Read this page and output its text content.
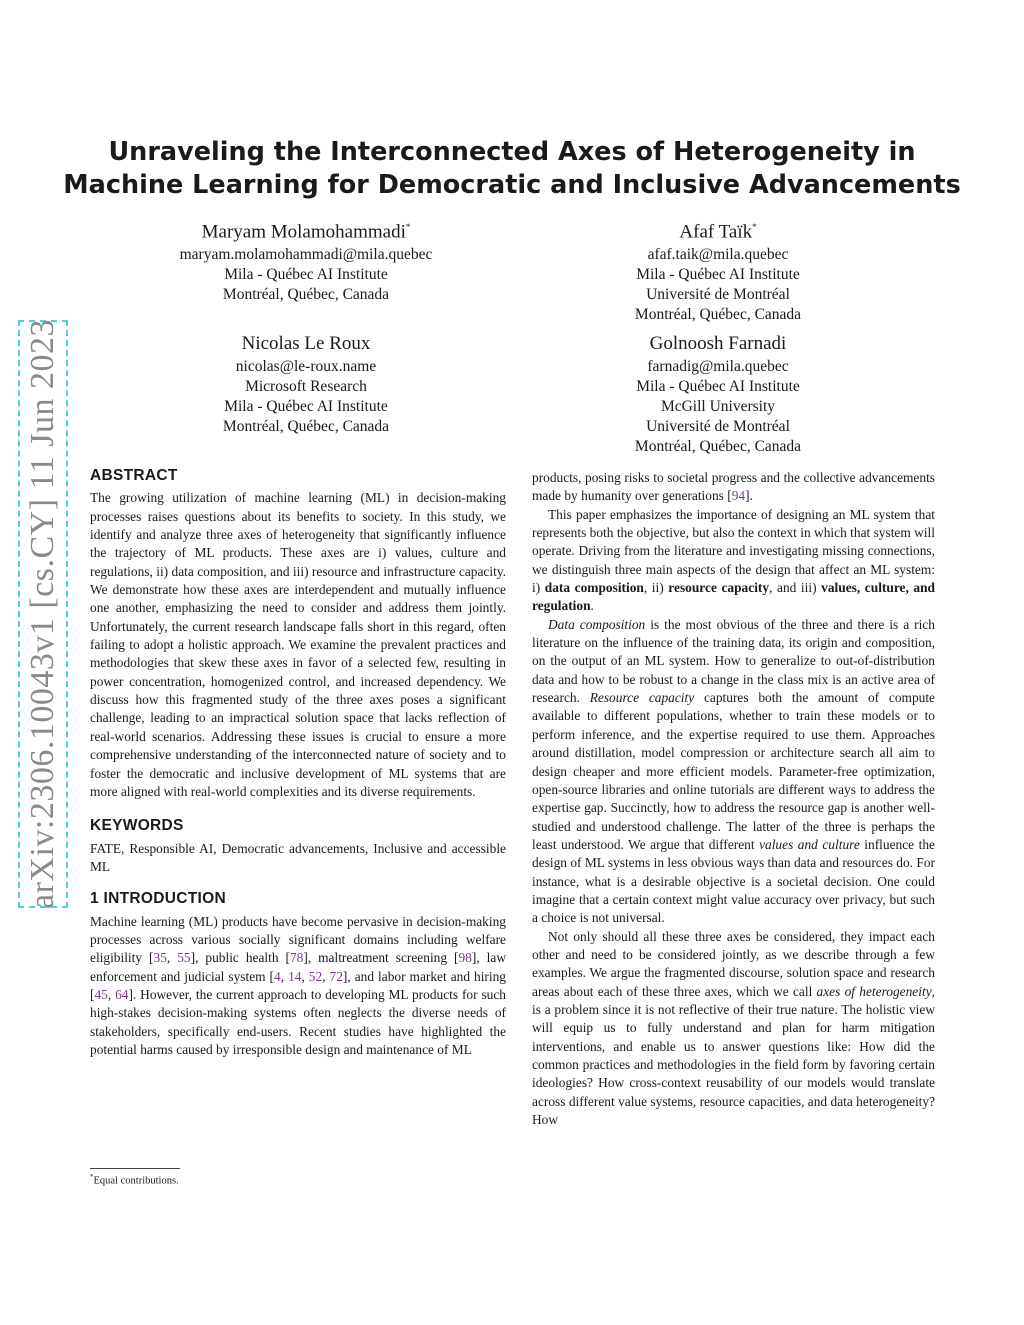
arXiv:2306.10043v1 [cs.CY] 11 Jun 2023
Unraveling the Interconnected Axes of Heterogeneity in
Machine Learning for Democratic and Inclusive Advancements
Maryam Molamohammadi*
maryam.molamohammadi@mila.quebec
Mila - Québec AI Institute
Montréal, Québec, Canada
Afaf Taïk*
afaf.taik@mila.quebec
Mila - Québec AI Institute
Université de Montréal
Montréal, Québec, Canada
Nicolas Le Roux
nicolas@le-roux.name
Microsoft Research
Mila - Québec AI Institute
Montréal, Québec, Canada
Golnoosh Farnadi
farnadig@mila.quebec
Mila - Québec AI Institute
McGill University
Université de Montréal
Montréal, Québec, Canada
ABSTRACT

The growing utilization of machine learning (ML) in decision-making processes raises questions about its benefits to society. In this study, we identify and analyze three axes of heterogeneity that significantly influence the trajectory of ML products. These axes are i) values, culture and regulations, ii) data composition, and iii) resource and infrastructure capacity. We demonstrate how these axes are interdependent and mutually influence one another, emphasizing the need to consider and address them jointly. Unfortunately, the current research landscape falls short in this regard, often failing to adopt a holistic approach. We examine the prevalent practices and methodologies that skew these axes in favor of a selected few, resulting in power concentration, homogenized control, and increased dependency. We discuss how this fragmented study of the three axes poses a significant challenge, leading to an impractical solution space that lacks reflection of real-world scenarios. Addressing these issues is crucial to ensure a more comprehensive understanding of the interconnected nature of society and to foster the democratic and inclusive development of ML systems that are more aligned with real-world complexities and its diverse requirements.

KEYWORDS

FATE, Responsible AI, Democratic advancements, Inclusive and accessible ML

1 INTRODUCTION

Machine learning (ML) products have become pervasive in decision-making processes across various socially significant domains including welfare eligibility [35, 55], public health [78], maltreatment screening [98], law enforcement and judicial system [4, 14, 52, 72], and labor market and hiring [45, 64]. However, the current approach to developing ML products for such high-stakes decision-making systems often neglects the diverse needs of stakeholders, specifically end-users. Recent studies have highlighted the potential harms caused by irresponsible design and maintenance of ML

products, posing risks to societal progress and the collective advancements made by humanity over generations [94].

This paper emphasizes the importance of designing an ML system that represents both the objective, but also the context in which that system will operate. Driving from the literature and investigating missing connections, we distinguish three main aspects of the design that affect an ML system: i) data composition, ii) resource capacity, and iii) values, culture, and regulation.

Data composition is the most obvious of the three and there is a rich literature on the influence of the training data, its origin and composition, on the output of an ML system. How to generalize to out-of-distribution data and how to be robust to a change in the class mix is an active area of research. Resource capacity captures both the amount of compute available to different populations, whether to train these models or to perform inference, and the expertise required to use them. Approaches around distillation, model compression or architecture search all aim to design cheaper and more efficient models. Parameter-free optimization, open-source libraries and online tutorials are different ways to address the expertise gap. Succinctly, how to address the resource gap is another well-studied and understood challenge. The latter of the three is perhaps the least understood. We argue that different values and culture influence the design of ML systems in less obvious ways than data and resources do. For instance, what is a desirable objective is a societal decision. One could imagine that a certain context might value accuracy over privacy, but such a choice is not universal.

Not only should all these three axes be considered, they impact each other and need to be considered jointly, as we describe through a few examples. We argue the fragmented discourse, solution space and research areas about each of these three axes, which we call axes of heterogeneity, is a problem since it is not reflective of their true nature. The holistic view will equip us to fully understand and plan for harm mitigation interventions, and enable us to answer questions like: How did the common practices and methodologies in the field form by favoring certain ideologies? How cross-context reusability of our models would translate across different value systems, resource capacities, and data heterogeneity? How

*Equal contributions.
